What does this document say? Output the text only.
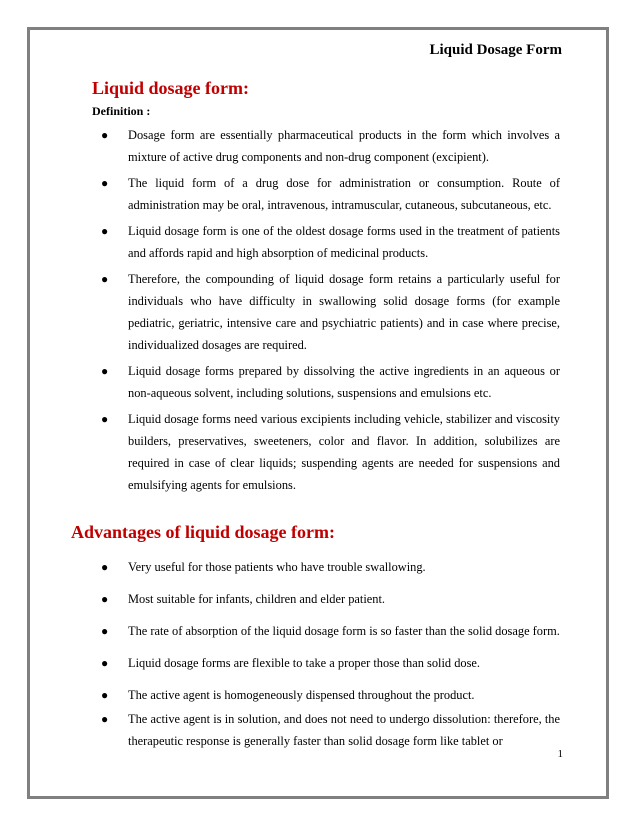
Liquid Dosage Form
Liquid dosage form:
Definition :
● Dosage form are essentially pharmaceutical products in the form which involves a mixture of active drug components and non-drug component (excipient).
● The liquid form of a drug dose for administration or consumption. Route of administration may be oral, intravenous, intramuscular, cutaneous, subcutaneous, etc.
● Liquid dosage form is one of the oldest dosage forms used in the treatment of patients and affords rapid and high absorption of medicinal products.
● Therefore, the compounding of liquid dosage form retains a particularly useful for individuals who have difficulty in swallowing solid dosage forms (for example pediatric, geriatric, intensive care and psychiatric patients) and in case where precise, individualized dosages are required.
● Liquid dosage forms prepared by dissolving the active ingredients in an aqueous or non-aqueous solvent, including solutions, suspensions and emulsions etc.
● Liquid dosage forms need various excipients including vehicle, stabilizer and viscosity builders, preservatives, sweeteners, color and flavor. In addition, solubilizes are required in case of clear liquids; suspending agents are needed for suspensions and emulsifying agents for emulsions.
Advantages of liquid dosage form:
● Very useful for those patients who have trouble swallowing.
● Most suitable for infants, children and elder patient.
● The rate of absorption of the liquid dosage form is so faster than the solid dosage form.
● Liquid dosage forms are flexible to take a proper those than solid dose.
● The active agent is homogeneously dispensed throughout the product.
● The active agent is in solution, and does not need to undergo dissolution: therefore, the therapeutic response is generally faster than solid dosage form like tablet or
1
